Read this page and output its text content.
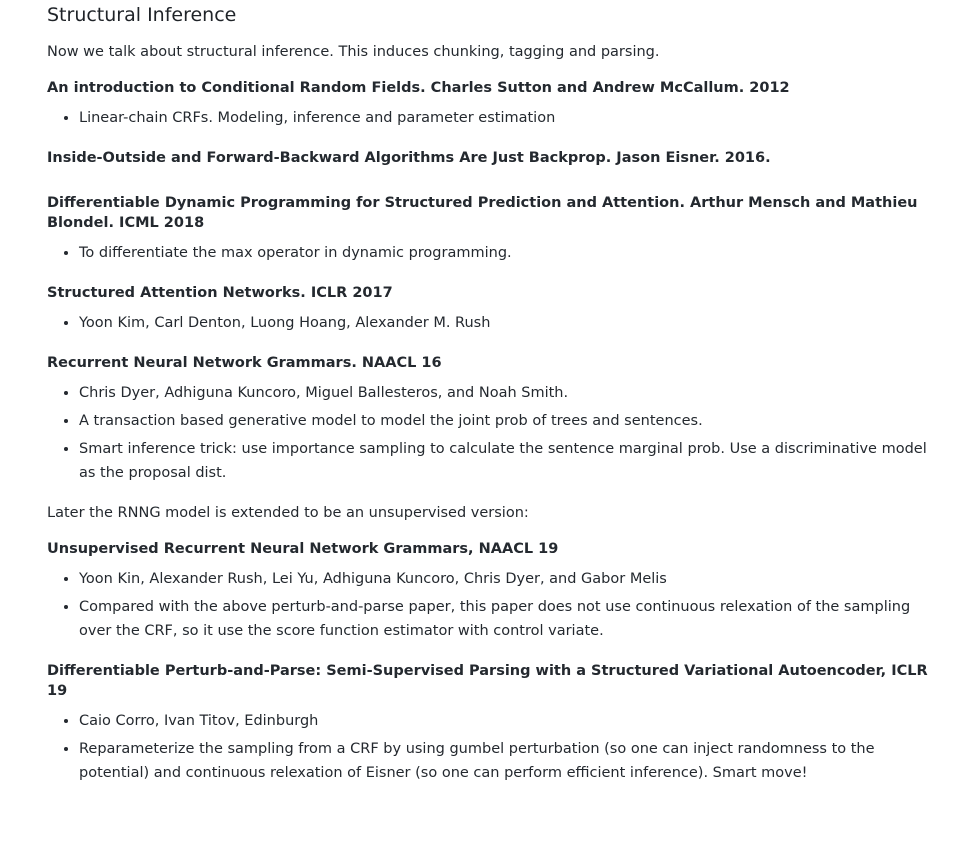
Structural Inference

Now we talk about structural inference. This induces chunking, tagging and parsing.

An introduction to Conditional Random Fields. Charles Sutton and Andrew McCallum. 2012

• Linear-chain CRFs. Modeling, inference and parameter estimation

Inside-Outside and Forward-Backward Algorithms Are Just Backprop. Jason Eisner. 2016.

Differentiable Dynamic Programming for Structured Prediction and Attention. Arthur Mensch and Mathieu Blondel. ICML 2018

• To differentiate the max operator in dynamic programming.

Structured Attention Networks. ICLR 2017

• Yoon Kim, Carl Denton, Luong Hoang, Alexander M. Rush

Recurrent Neural Network Grammars. NAACL 16

• Chris Dyer, Adhiguna Kuncoro, Miguel Ballesteros, and Noah Smith.
• A transaction based generative model to model the joint prob of trees and sentences.
• Smart inference trick: use importance sampling to calculate the sentence marginal prob. Use a discriminative model as the proposal dist.

Later the RNNG model is extended to be an unsupervised version:

Unsupervised Recurrent Neural Network Grammars, NAACL 19

• Yoon Kin, Alexander Rush, Lei Yu, Adhiguna Kuncoro, Chris Dyer, and Gabor Melis
• Compared with the above perturb-and-parse paper, this paper does not use continuous relexation of the sampling over the CRF, so it use the score function estimator with control variate.

Differentiable Perturb-and-Parse: Semi-Supervised Parsing with a Structured Variational Autoencoder, ICLR 19

• Caio Corro, Ivan Titov, Edinburgh
• Reparameterize the sampling from a CRF by using gumbel perturbation (so one can inject randomness to the potential) and continuous relexation of Eisner (so one can perform efficient inference). Smart move!
